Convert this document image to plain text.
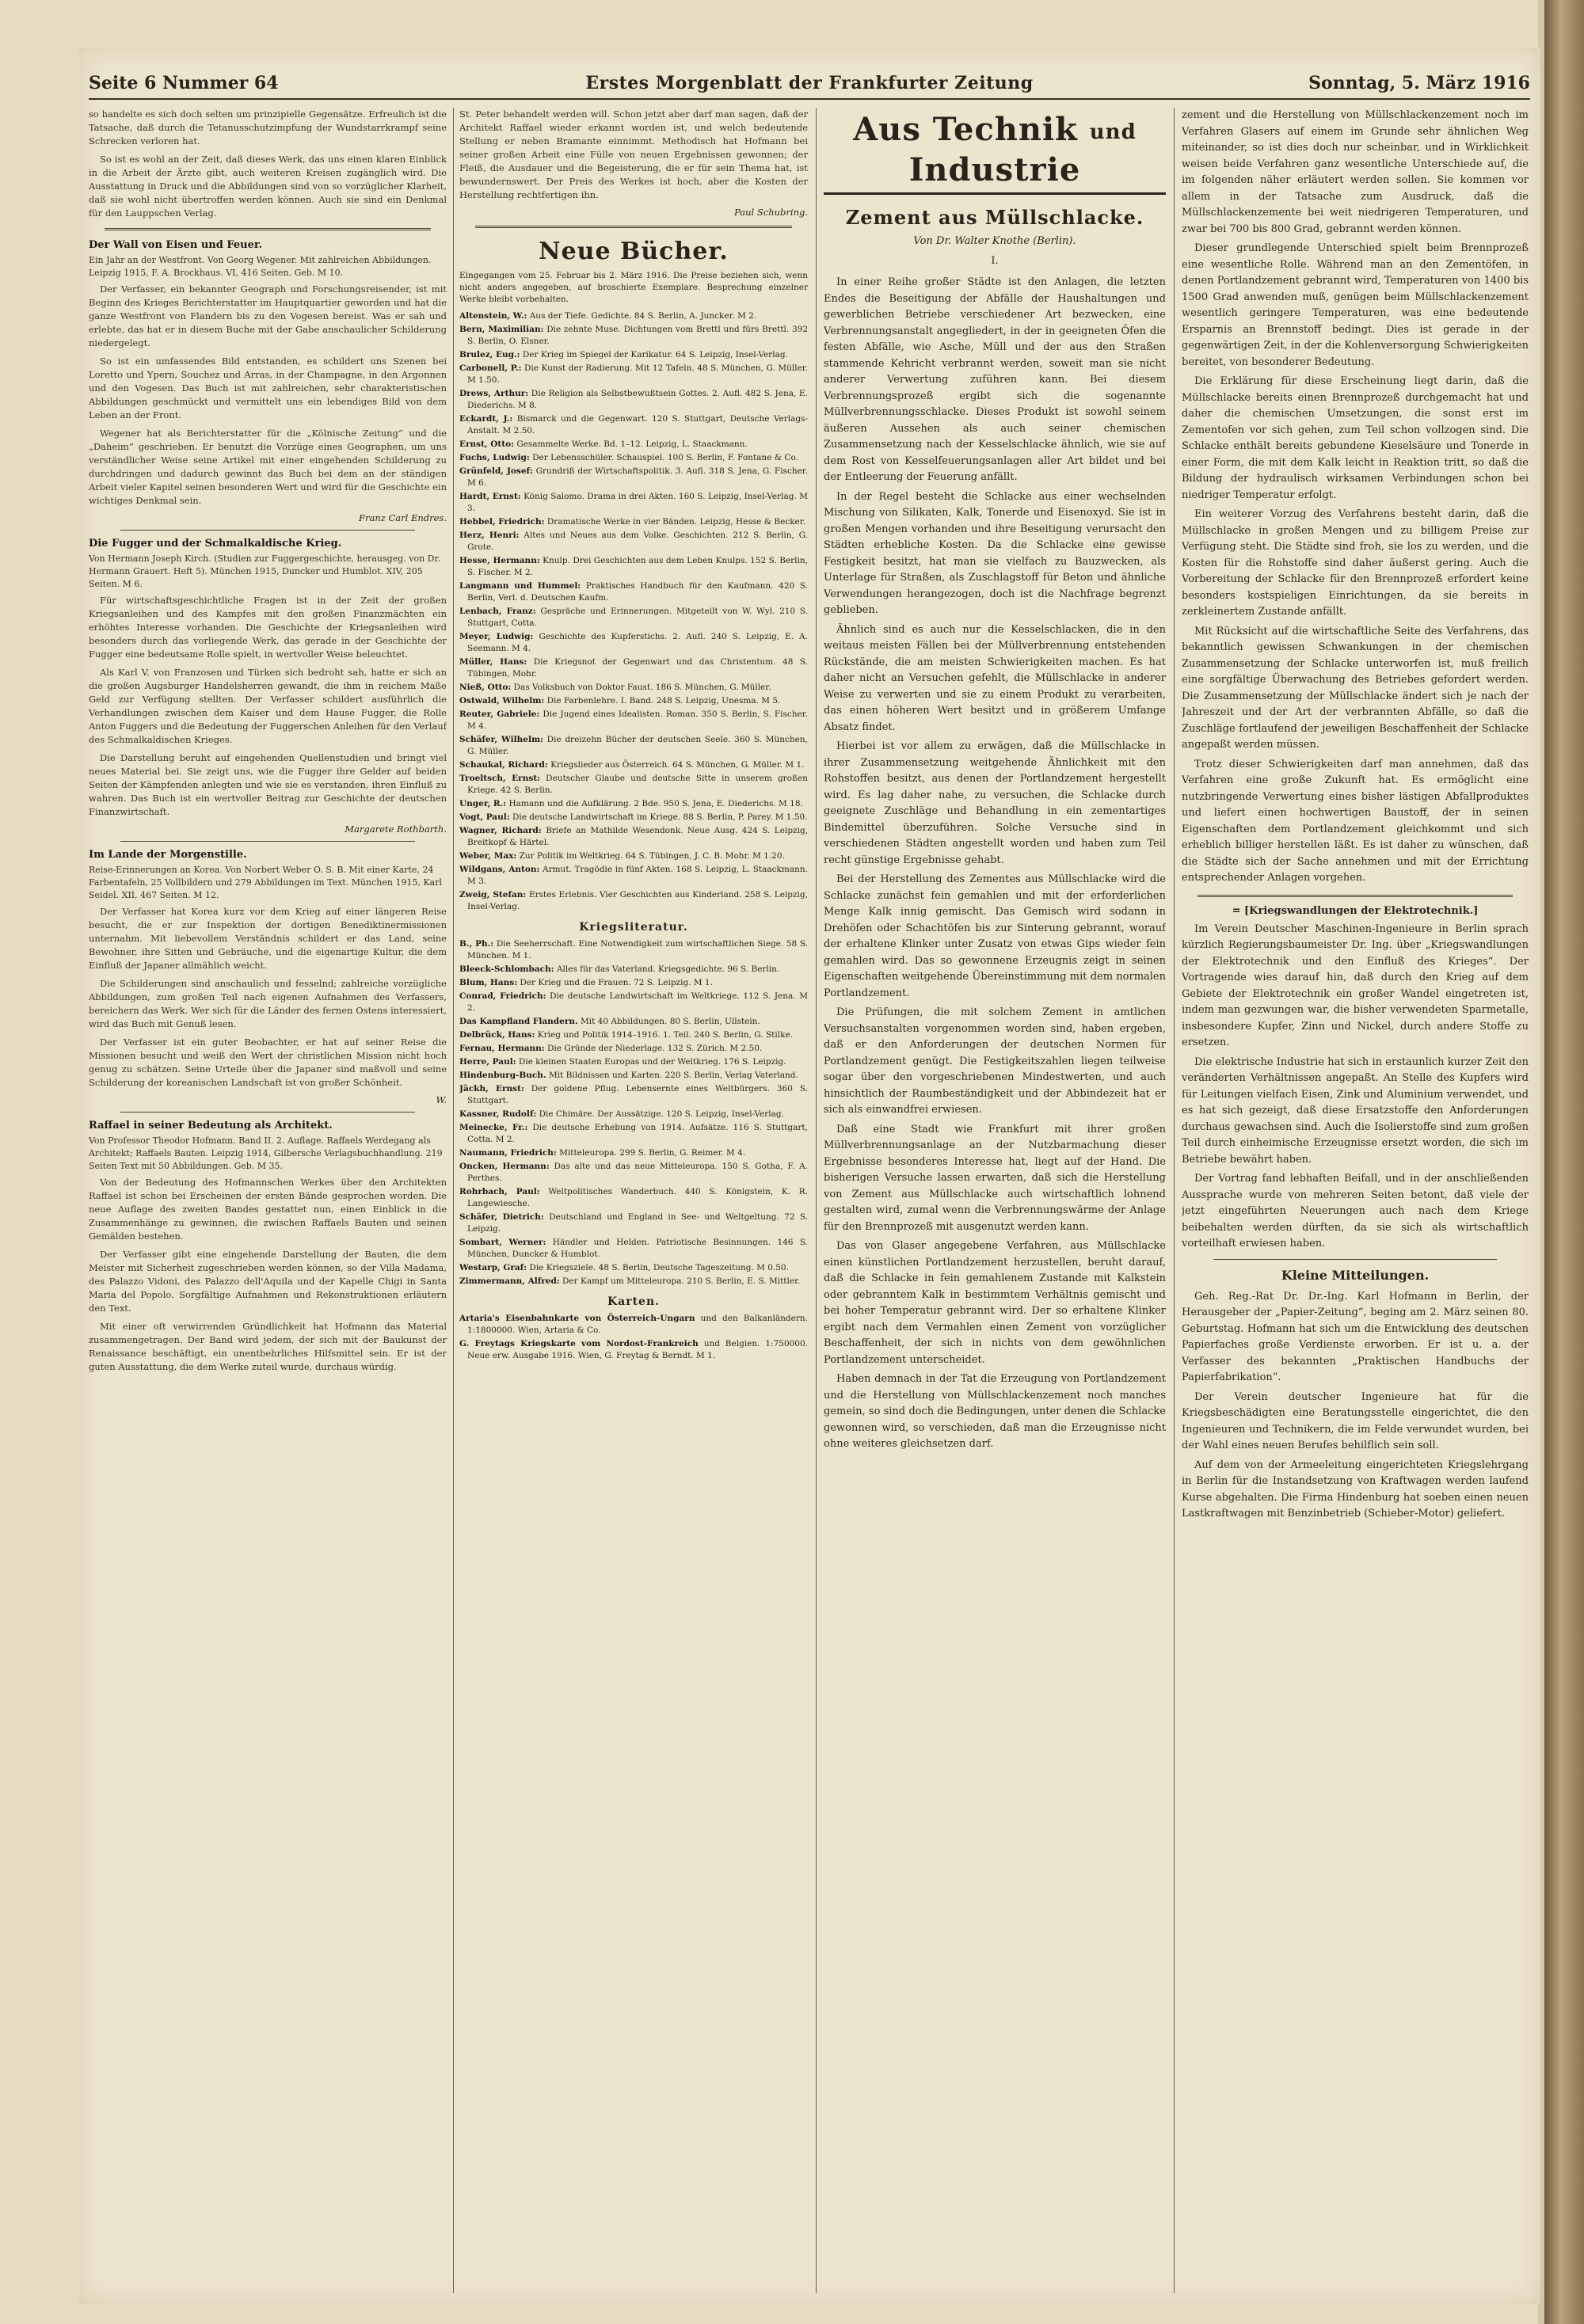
Seite 6 Nummer 64	Erstes Morgenblatt der Frankfurter Zeitung	Sonntag, 5. März 1916

so handelte es sich doch selten um prinzipielle Gegensätze. Erfreulich ist die Tatsache, daß durch die Tetanusschutzimpfung der Wundstarrkrampf seine Schrecken verloren hat.

So ist es wohl an der Zeit, daß dieses Werk, das uns einen klaren Einblick in die Arbeit der Ärzte gibt, auch weiteren Kreisen zugänglich wird. Die Ausstattung in Druck und die Abbildungen sind von so vorzüglicher Klarheit, daß sie wohl nicht übertroffen werden können. Auch sie sind ein Denkmal für den Lauppschen Verlag.

Der Wall von Eisen und Feuer.

Ein Jahr an der Westfront. Von Georg Wegener. Mit zahlreichen Abbildungen. Leipzig 1915, F. A. Brockhaus. VI, 416 Seiten. Geb. M 10.

Der Verfasser, ein bekannter Geograph und Forschungsreisender, ist mit Beginn des Krieges Berichterstatter im Hauptquartier geworden und hat die ganze Westfront von Flandern bis zu den Vogesen bereist. Was er sah und erlebte, das hat er in diesem Buche mit der Gabe anschaulicher Schilderung niedergelegt.

So ist ein umfassendes Bild entstanden, es schildert uns Szenen bei Loretto und Ypern, Souchez und Arras, in der Champagne, in den Argonnen und den Vogesen. Das Buch ist mit zahlreichen, sehr charakteristischen Abbildungen geschmückt und vermittelt uns ein lebendiges Bild von dem Leben an der Front.

Wegener hat als Berichterstatter für die „Kölnische Zeitung“ und die „Daheim“ geschrieben. Er benutzt die Vorzüge eines Geographen, um uns verständlicher Weise seine Artikel mit einer eingehenden Schilderung zu durchdringen und dadurch gewinnt das Buch bei dem an der ständigen Arbeit vieler Kapitel seinen besonderen Wert und wird für die Geschichte ein wichtiges Denkmal sein.

Franz Carl Endres.
Die Fugger und der Schmalkaldische Krieg.

Von Hermann Joseph Kirch. (Studien zur Fuggergeschichte, herausgeg. von Dr. Hermann Grauert. Heft 5). München 1915, Duncker und Humblot. XIV, 205 Seiten. M 6.

Für wirtschaftsgeschichtliche Fragen ist in der Zeit der großen Kriegsanleihen und des Kampfes mit den großen Finanzmächten ein erhöhtes Interesse vorhanden. Die Geschichte der Kriegsanleihen wird besonders durch das vorliegende Werk, das gerade in der Geschichte der Fugger eine bedeutsame Rolle spielt, in wertvoller Weise beleuchtet.

Als Karl V. von Franzosen und Türken sich bedroht sah, hatte er sich an die großen Augsburger Handelsherren gewandt, die ihm in reichem Maße Geld zur Verfügung stellten. Der Verfasser schildert ausführlich die Verhandlungen zwischen dem Kaiser und dem Hause Fugger, die Rolle Anton Fuggers und die Bedeutung der Fuggerschen Anleihen für den Verlauf des Schmalkaldischen Krieges.

Die Darstellung beruht auf eingehenden Quellenstudien und bringt viel neues Material bei. Sie zeigt uns, wie die Fugger ihre Gelder auf beiden Seiten der Kämpfenden anlegten und wie sie es verstanden, ihren Einfluß zu wahren. Das Buch ist ein wertvoller Beitrag zur Geschichte der deutschen Finanzwirtschaft.

Margarete Rothbarth.
Im Lande der Morgenstille.

Reise-Erinnerungen an Korea. Von Norbert Weber O. S. B. Mit einer Karte, 24 Farbentafeln, 25 Vollbildern und 279 Abbildungen im Text. München 1915, Karl Seidel. XII, 467 Seiten. M 12.

Der Verfasser hat Korea kurz vor dem Krieg auf einer längeren Reise besucht, die er zur Inspektion der dortigen Benediktinermissionen unternahm. Mit liebevollem Verständnis schildert er das Land, seine Bewohner, ihre Sitten und Gebräuche, und die eigenartige Kultur, die dem Einfluß der Japaner allmählich weicht.

Die Schilderungen sind anschaulich und fesselnd; zahlreiche vorzügliche Abbildungen, zum großen Teil nach eigenen Aufnahmen des Verfassers, bereichern das Werk. Wer sich für die Länder des fernen Ostens interessiert, wird das Buch mit Genuß lesen.

Der Verfasser ist ein guter Beobachter, er hat auf seiner Reise die Missionen besucht und weiß den Wert der christlichen Mission nicht hoch genug zu schätzen. Seine Urteile über die Japaner sind maßvoll und seine Schilderung der koreanischen Landschaft ist von großer Schönheit.

W.
Raffael in seiner Bedeutung als Architekt.

Von Professor Theodor Hofmann. Band II. 2. Auflage. Raffaels Werdegang als Architekt; Raffaels Bauten. Leipzig 1914, Gilbersche Verlagsbuchhandlung. 219 Seiten Text mit 50 Abbildungen. Geb. M 35.

Von der Bedeutung des Hofmannschen Werkes über den Architekten Raffael ist schon bei Erscheinen der ersten Bände gesprochen worden. Die neue Auflage des zweiten Bandes gestattet nun, einen Einblick in die Zusammenhänge zu gewinnen, die zwischen Raffaels Bauten und seinen Gemälden bestehen.

Der Verfasser gibt eine eingehende Darstellung der Bauten, die dem Meister mit Sicherheit zugeschrieben werden können, so der Villa Madama, des Palazzo Vidoni, des Palazzo dell'Aquila und der Kapelle Chigi in Santa Maria del Popolo. Sorgfältige Aufnahmen und Rekonstruktionen erläutern den Text.

Mit einer oft verwirrenden Gründlichkeit hat Hofmann das Material zusammengetragen. Der Band wird jedem, der sich mit der Baukunst der Renaissance beschäftigt, ein unentbehrliches Hilfsmittel sein. Er ist der guten Ausstattung, die dem Werke zuteil wurde, durchaus würdig.

St. Peter behandelt werden will. Schon jetzt aber darf man sagen, daß der Architekt Raffael wieder erkannt worden ist, und welch bedeutende Stellung er neben Bramante einnimmt. Methodisch hat Hofmann bei seiner großen Arbeit eine Fülle von neuen Ergebnissen gewonnen; der Fleiß, die Ausdauer und die Begeisterung, die er für sein Thema hat, ist bewundernswert. Der Preis des Werkes ist hoch, aber die Kosten der Herstellung rechtfertigen ihn.

Paul Schubring.
Neue Bücher.

Eingegangen vom 25. Februar bis 2. März 1916. Die Preise beziehen sich, wenn nicht anders angegeben, auf broschierte Exemplare. Besprechung einzelner Werke bleibt vorbehalten.

Altenstein, W.: Aus der Tiefe. Gedichte. 84 S. Berlin, A. Juncker. M 2.

Bern, Maximilian: Die zehnte Muse. Dichtungen vom Brettl und fürs Brettl. 392 S. Berlin, O. Elsner.

Brulez, Eug.: Der Krieg im Spiegel der Karikatur. 64 S. Leipzig, Insel-Verlag.

Carbonell, P.: Die Kunst der Radierung. Mit 12 Tafeln. 48 S. München, G. Müller. M 1.50.

Drews, Arthur: Die Religion als Selbstbewußtsein Gottes. 2. Aufl. 482 S. Jena, E. Diederichs. M 8.

Eckardt, J.: Bismarck und die Gegenwart. 120 S. Stuttgart, Deutsche Verlags-Anstalt. M 2.50.

Ernst, Otto: Gesammelte Werke. Bd. 1–12. Leipzig, L. Staackmann.

Fuchs, Ludwig: Der Lebensschüler. Schauspiel. 100 S. Berlin, F. Fontane & Co.

Grünfeld, Josef: Grundriß der Wirtschaftspolitik. 3. Aufl. 318 S. Jena, G. Fischer. M 6.

Hardt, Ernst: König Salomo. Drama in drei Akten. 160 S. Leipzig, Insel-Verlag. M 3.

Hebbel, Friedrich: Dramatische Werke in vier Bänden. Leipzig, Hesse & Becker.

Herz, Henri: Altes und Neues aus dem Volke. Geschichten. 212 S. Berlin, G. Grote.

Hesse, Hermann: Knulp. Drei Geschichten aus dem Leben Knulps. 152 S. Berlin, S. Fischer. M 2.

Langmann und Hummel: Praktisches Handbuch für den Kaufmann. 420 S. Berlin, Verl. d. Deutschen Kaufm.

Lenbach, Franz: Gespräche und Erinnerungen. Mitgeteilt von W. Wyl. 210 S. Stuttgart, Cotta.

Meyer, Ludwig: Geschichte des Kupferstichs. 2. Aufl. 240 S. Leipzig, E. A. Seemann. M 4.

Müller, Hans: Die Kriegsnot der Gegenwart und das Christentum. 48 S. Tübingen, Mohr.

Nieß, Otto: Das Volksbuch von Doktor Faust. 186 S. München, G. Müller.

Ostwald, Wilhelm: Die Farbenlehre. I. Band. 248 S. Leipzig, Unesma. M 5.

Reuter, Gabriele: Die Jugend eines Idealisten. Roman. 350 S. Berlin, S. Fischer. M 4.

Schäfer, Wilhelm: Die dreizehn Bücher der deutschen Seele. 360 S. München, G. Müller.

Schaukal, Richard: Kriegslieder aus Österreich. 64 S. München, G. Müller. M 1.

Troeltsch, Ernst: Deutscher Glaube und deutsche Sitte in unserem großen Kriege. 42 S. Berlin.

Unger, R.: Hamann und die Aufklärung. 2 Bde. 950 S. Jena, E. Diederichs. M 18.

Vogt, Paul: Die deutsche Landwirtschaft im Kriege. 88 S. Berlin, P. Parey. M 1.50.

Wagner, Richard: Briefe an Mathilde Wesendonk. Neue Ausg. 424 S. Leipzig, Breitkopf & Härtel.

Weber, Max: Zur Politik im Weltkrieg. 64 S. Tübingen, J. C. B. Mohr. M 1.20.

Wildgans, Anton: Armut. Tragödie in fünf Akten. 168 S. Leipzig, L. Staackmann. M 3.

Zweig, Stefan: Erstes Erlebnis. Vier Geschichten aus Kinderland. 258 S. Leipzig, Insel-Verlag.

Kriegsliteratur.

B., Ph.: Die Seeherrschaft. Eine Notwendigkeit zum wirtschaftlichen Siege. 58 S. München. M 1.

Bleeck-Schlombach: Alles für das Vaterland. Kriegsgedichte. 96 S. Berlin.

Blum, Hans: Der Krieg und die Frauen. 72 S. Leipzig. M 1.

Conrad, Friedrich: Die deutsche Landwirtschaft im Weltkriege. 112 S. Jena. M 2.

Das Kampfland Flandern. Mit 40 Abbildungen. 80 S. Berlin, Ullstein.

Delbrück, Hans: Krieg und Politik 1914–1916. 1. Teil. 240 S. Berlin, G. Stilke.

Fernau, Hermann: Die Gründe der Niederlage. 132 S. Zürich. M 2.50.

Herre, Paul: Die kleinen Staaten Europas und der Weltkrieg. 176 S. Leipzig.

Hindenburg-Buch. Mit Bildnissen und Karten. 220 S. Berlin, Verlag Vaterland.

Jäckh, Ernst: Der goldene Pflug. Lebensernte eines Weltbürgers. 360 S. Stuttgart.

Kassner, Rudolf: Die Chimäre. Der Aussätzige. 120 S. Leipzig, Insel-Verlag.

Meinecke, Fr.: Die deutsche Erhebung von 1914. Aufsätze. 116 S. Stuttgart, Cotta. M 2.

Naumann, Friedrich: Mitteleuropa. 299 S. Berlin, G. Reimer. M 4.

Oncken, Hermann: Das alte und das neue Mitteleuropa. 150 S. Gotha, F. A. Perthes.

Rohrbach, Paul: Weltpolitisches Wanderbuch. 440 S. Königstein, K. R. Langewiesche.

Schäfer, Dietrich: Deutschland und England in See- und Weltgeltung. 72 S. Leipzig.

Sombart, Werner: Händler und Helden. Patriotische Besinnungen. 146 S. München, Duncker & Humblot.

Westarp, Graf: Die Kriegsziele. 48 S. Berlin, Deutsche Tageszeitung. M 0.50.

Zimmermann, Alfred: Der Kampf um Mitteleuropa. 210 S. Berlin, E. S. Mittler.

Karten.

Artaria's Eisenbahnkarte von Österreich-Ungarn und den Balkanländern. 1:1800000. Wien, Artaria & Co.

G. Freytags Kriegskarte vom Nordost-Frankreich und Belgien. 1:750000. Neue erw. Ausgabe 1916. Wien, G. Freytag & Berndt. M 1.

Aus Technik und Industrie
Zement aus Müllschlacke.
Von Dr. Walter Knothe (Berlin).
I.

In einer Reihe großer Städte ist den Anlagen, die letzten Endes die Beseitigung der Abfälle der Haushaltungen und gewerblichen Betriebe verschiedener Art bezwecken, eine Verbrennungsanstalt angegliedert, in der in geeigneten Öfen die festen Abfälle, wie Asche, Müll und der aus den Straßen stammende Kehricht verbrannt werden, soweit man sie nicht anderer Verwertung zuführen kann. Bei diesem Verbrennungsprozeß ergibt sich die sogenannte Müllverbrennungsschlacke. Dieses Produkt ist sowohl seinem äußeren Aussehen als auch seiner chemischen Zusammensetzung nach der Kesselschlacke ähnlich, wie sie auf dem Rost von Kesselfeuerungsanlagen aller Art bildet und bei der Entleerung der Feuerung anfällt.

In der Regel besteht die Schlacke aus einer wechselnden Mischung von Silikaten, Kalk, Tonerde und Eisenoxyd. Sie ist in großen Mengen vorhanden und ihre Beseitigung verursacht den Städten erhebliche Kosten. Da die Schlacke eine gewisse Festigkeit besitzt, hat man sie vielfach zu Bauzwecken, als Unterlage für Straßen, als Zuschlagstoff für Beton und ähnliche Verwendungen herangezogen, doch ist die Nachfrage begrenzt geblieben.

Ähnlich sind es auch nur die Kesselschlacken, die in den weitaus meisten Fällen bei der Müllverbrennung entstehenden Rückstände, die am meisten Schwierigkeiten machen. Es hat daher nicht an Versuchen gefehlt, die Müllschlacke in anderer Weise zu verwerten und sie zu einem Produkt zu verarbeiten, das einen höheren Wert besitzt und in größerem Umfange Absatz findet.

Hierbei ist vor allem zu erwägen, daß die Müllschlacke in ihrer Zusammensetzung weitgehende Ähnlichkeit mit den Rohstoffen besitzt, aus denen der Portlandzement hergestellt wird. Es lag daher nahe, zu versuchen, die Schlacke durch geeignete Zuschläge und Behandlung in ein zementartiges Bindemittel überzuführen. Solche Versuche sind in verschiedenen Städten angestellt worden und haben zum Teil recht günstige Ergebnisse gehabt.

Bei der Herstellung des Zementes aus Müllschlacke wird die Schlacke zunächst fein gemahlen und mit der erforderlichen Menge Kalk innig gemischt. Das Gemisch wird sodann in Drehöfen oder Schachtöfen bis zur Sinterung gebrannt, worauf der erhaltene Klinker unter Zusatz von etwas Gips wieder fein gemahlen wird. Das so gewonnene Erzeugnis zeigt in seinen Eigenschaften weitgehende Übereinstimmung mit dem normalen Portlandzement.

Die Prüfungen, die mit solchem Zement in amtlichen Versuchsanstalten vorgenommen worden sind, haben ergeben, daß er den Anforderungen der deutschen Normen für Portlandzement genügt. Die Festigkeitszahlen liegen teilweise sogar über den vorgeschriebenen Mindestwerten, und auch hinsichtlich der Raumbeständigkeit und der Abbindezeit hat er sich als einwandfrei erwiesen.

Daß eine Stadt wie Frankfurt mit ihrer großen Müllverbrennungsanlage an der Nutzbarmachung dieser Ergebnisse besonderes Interesse hat, liegt auf der Hand. Die bisherigen Versuche lassen erwarten, daß sich die Herstellung von Zement aus Müllschlacke auch wirtschaftlich lohnend gestalten wird, zumal wenn die Verbrennungswärme der Anlage für den Brennprozeß mit ausgenutzt werden kann.

Das von Glaser angegebene Verfahren, aus Müllschlacke einen künstlichen Portlandzement herzustellen, beruht darauf, daß die Schlacke in fein gemahlenem Zustande mit Kalkstein oder gebranntem Kalk in bestimmtem Verhältnis gemischt und bei hoher Temperatur gebrannt wird. Der so erhaltene Klinker ergibt nach dem Vermahlen einen Zement von vorzüglicher Beschaffenheit, der sich in nichts von dem gewöhnlichen Portlandzement unterscheidet.

Haben demnach in der Tat die Erzeugung von Portlandzement und die Herstellung von Müllschlackenzement noch manches gemein, so sind doch die Bedingungen, unter denen die Schlacke gewonnen wird, so verschieden, daß man die Erzeugnisse nicht ohne weiteres gleichsetzen darf.

zement und die Herstellung von Müllschlackenzement noch im Verfahren Glasers auf einem im Grunde sehr ähnlichen Weg miteinander, so ist dies doch nur scheinbar, und in Wirklichkeit weisen beide Verfahren ganz wesentliche Unterschiede auf, die im folgenden näher erläutert werden sollen. Sie kommen vor allem in der Tatsache zum Ausdruck, daß die Müllschlackenzemente bei weit niedrigeren Temperaturen, und zwar bei 700 bis 800 Grad, gebrannt werden können.

Dieser grundlegende Unterschied spielt beim Brennprozeß eine wesentliche Rolle. Während man an den Zementöfen, in denen Portlandzement gebrannt wird, Temperaturen von 1400 bis 1500 Grad anwenden muß, genügen beim Müllschlackenzement wesentlich geringere Temperaturen, was eine bedeutende Ersparnis an Brennstoff bedingt. Dies ist gerade in der gegenwärtigen Zeit, in der die Kohlenversorgung Schwierigkeiten bereitet, von besonderer Bedeutung.

Die Erklärung für diese Erscheinung liegt darin, daß die Müllschlacke bereits einen Brennprozeß durchgemacht hat und daher die chemischen Umsetzungen, die sonst erst im Zementofen vor sich gehen, zum Teil schon vollzogen sind. Die Schlacke enthält bereits gebundene Kieselsäure und Tonerde in einer Form, die mit dem Kalk leicht in Reaktion tritt, so daß die Bildung der hydraulisch wirksamen Verbindungen schon bei niedriger Temperatur erfolgt.

Ein weiterer Vorzug des Verfahrens besteht darin, daß die Müllschlacke in großen Mengen und zu billigem Preise zur Verfügung steht. Die Städte sind froh, sie los zu werden, und die Kosten für die Rohstoffe sind daher äußerst gering. Auch die Vorbereitung der Schlacke für den Brennprozeß erfordert keine besonders kostspieligen Einrichtungen, da sie bereits in zerkleinertem Zustande anfällt.

Mit Rücksicht auf die wirtschaftliche Seite des Verfahrens, das bekanntlich gewissen Schwankungen in der chemischen Zusammensetzung der Schlacke unterworfen ist, muß freilich eine sorgfältige Überwachung des Betriebes gefordert werden. Die Zusammensetzung der Müllschlacke ändert sich je nach der Jahreszeit und der Art der verbrannten Abfälle, so daß die Zuschläge fortlaufend der jeweiligen Beschaffenheit der Schlacke angepaßt werden müssen.

Trotz dieser Schwierigkeiten darf man annehmen, daß das Verfahren eine große Zukunft hat. Es ermöglicht eine nutzbringende Verwertung eines bisher lästigen Abfallproduktes und liefert einen hochwertigen Baustoff, der in seinen Eigenschaften dem Portlandzement gleichkommt und sich erheblich billiger herstellen läßt. Es ist daher zu wünschen, daß die Städte sich der Sache annehmen und mit der Errichtung entsprechender Anlagen vorgehen.

= [Kriegswandlungen der Elektrotechnik.]

Im Verein Deutscher Maschinen-Ingenieure in Berlin sprach kürzlich Regierungsbaumeister Dr. Ing. über „Kriegswandlungen der Elektrotechnik und den Einfluß des Krieges“. Der Vortragende wies darauf hin, daß durch den Krieg auf dem Gebiete der Elektrotechnik ein großer Wandel eingetreten ist, indem man gezwungen war, die bisher verwendeten Sparmetalle, insbesondere Kupfer, Zinn und Nickel, durch andere Stoffe zu ersetzen.

Die elektrische Industrie hat sich in erstaunlich kurzer Zeit den veränderten Verhältnissen angepaßt. An Stelle des Kupfers wird für Leitungen vielfach Eisen, Zink und Aluminium verwendet, und es hat sich gezeigt, daß diese Ersatzstoffe den Anforderungen durchaus gewachsen sind. Auch die Isolierstoffe sind zum großen Teil durch einheimische Erzeugnisse ersetzt worden, die sich im Betriebe bewährt haben.

Der Vortrag fand lebhaften Beifall, und in der anschließenden Aussprache wurde von mehreren Seiten betont, daß viele der jetzt eingeführten Neuerungen auch nach dem Kriege beibehalten werden dürften, da sie sich als wirtschaftlich vorteilhaft erwiesen haben.

Kleine Mitteilungen.

Geh. Reg.-Rat Dr. Dr.-Ing. Karl Hofmann in Berlin, der Herausgeber der „Papier-Zeitung“, beging am 2. März seinen 80. Geburtstag. Hofmann hat sich um die Entwicklung des deutschen Papierfaches große Verdienste erworben. Er ist u. a. der Verfasser des bekannten „Praktischen Handbuchs der Papierfabrikation“.

Der Verein deutscher Ingenieure hat für die Kriegsbeschädigten eine Beratungsstelle eingerichtet, die den Ingenieuren und Technikern, die im Felde verwundet wurden, bei der Wahl eines neuen Berufes behilflich sein soll.

Auf dem von der Armeeleitung eingerichteten Kriegslehrgang in Berlin für die Instandsetzung von Kraftwagen werden laufend Kurse abgehalten. Die Firma Hindenburg hat soeben einen neuen Lastkraftwagen mit Benzinbetrieb (Schieber-Motor) geliefert.
